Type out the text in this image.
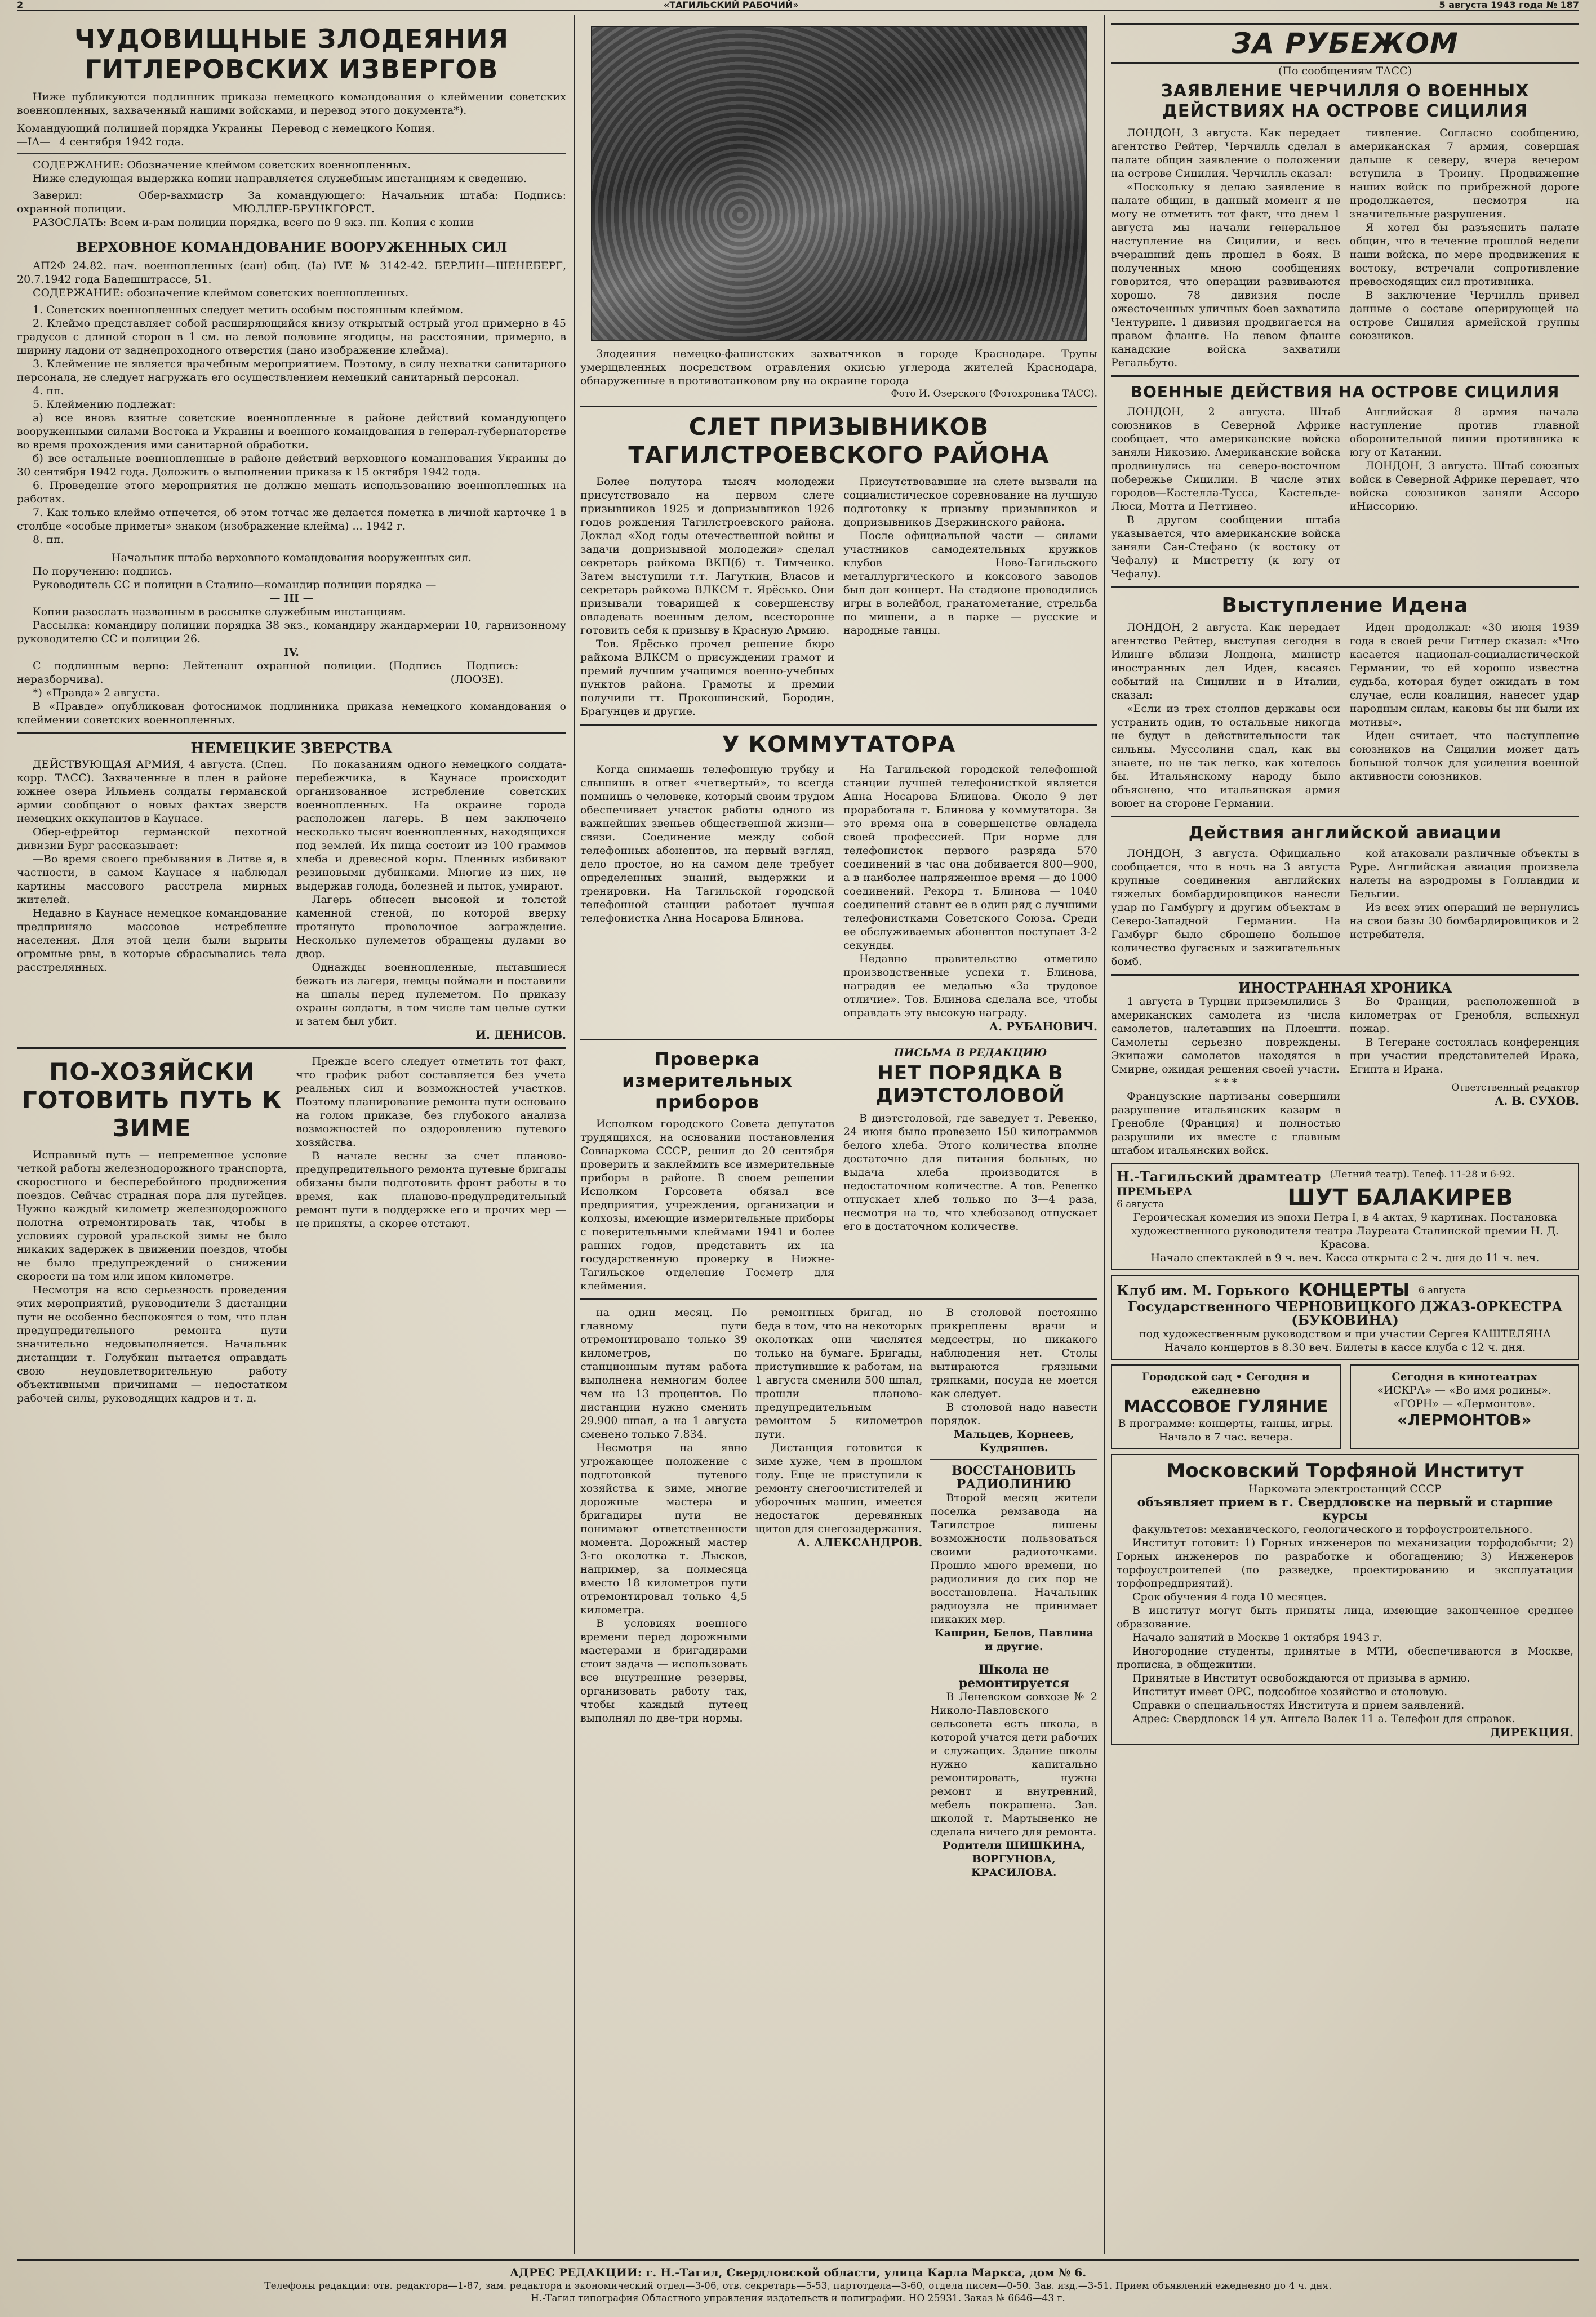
2	«ТАГИЛЬСКИЙ РАБОЧИЙ»	5 августа 1943 года № 187
ЧУДОВИЩНЫЕ ЗЛОДЕЯНИЯ ГИТЛЕРОВСКИХ ИЗВЕРГОВ

Ниже публикуются подлинник приказа немецкого командования о клеймении советских военнопленных, захваченный нашими войсками, и перевод этого документа*).

Командующий полицией порядка Украины Перевод с немецкого Копия.

—IA— 4 сентября 1942 года.

СОДЕРЖАНИЕ: Обозначение клеймом советских военнопленных.

Ниже следующая выдержка копии направляется служебным инстанциям к сведению.

Заверил: Обер-вахмистр охранной полиции.

За командующего: Начальник штаба: Подпись: МЮЛЛЕР-БРУНКГОРСТ.

РАЗОСЛАТЬ: Всем и-рам полиции порядка, всего по 9 экз. пп. Копия с копии

ВЕРХОВНОЕ КОМАНДОВАНИЕ ВООРУЖЕННЫХ СИЛ

АП2Ф 24.82. нач. военнопленных (сан) общ. (Ia) IVE № 3142-42. БЕРЛИН—ШЕНЕБЕРГ, 20.7.1942 года Бадешштрассе, 51.

СОДЕРЖАНИЕ: обозначение клеймом советских военнопленных.

1. Советских военнопленных следует метить особым постоянным клеймом.

2. Клеймо представляет собой расширяющийся книзу открытый острый угол примерно в 45 градусов с длиной сторон в 1 см. на левой половине ягодицы, на расстоянии, примерно, в ширину ладони от заднепроходного отверстия (дано изображение клейма).

3. Клеймение не является врачебным мероприятием. Поэтому, в силу нехватки санитарного персонала, не следует нагружать его осуществлением немецкий санитарный персонал.

4. пп.

5. Клеймению подлежат:

а) все вновь взятые советские военнопленные в районе действий командующего вооруженными силами Востока и Украины и военного командования в генерал-губернаторстве во время прохождения ими санитарной обработки.

б) все остальные военнопленные в районе действий верховного командования Украины до 30 сентября 1942 года. Доложить о выполнении приказа к 15 октября 1942 года.

6. Проведение этого мероприятия не должно мешать использованию военнопленных на работах.

7. Как только клеймо отпечется, об этом тотчас же делается пометка в личной карточке 1 в столбце «особые приметы» знаком (изображение клейма) ... 1942 г.

8. пп.

Начальник штаба верховного командования вооруженных сил.

По поручению: подпись.

Руководитель СС и полиции в Сталино—командир полиции порядка —

— III —

Копии разослать названным в рассылке служебным инстанциям.

Рассылка: командиру полиции порядка 38 экз., командиру жандармерии 10, гарнизонному руководителю СС и полиции 26.

IV.

С подлинным верно: Лейтенант охранной полиции. (Подпись неразборчива).

Подпись: (ЛООЗЕ).

*) «Правда» 2 августа.

В «Правде» опубликован фотоснимок подлинника приказа немецкого командования о клеймении советских военнопленных.

НЕМЕЦКИЕ ЗВЕРСТВА

ДЕЙСТВУЮЩАЯ АРМИЯ, 4 августа. (Спец. корр. ТАСС). Захваченные в плен в районе южнее озера Ильмень солдаты германской армии сообщают о новых фактах зверств немецких оккупантов в Каунасе.

Обер-ефрейтор германской пехотной дивизии Бург рассказывает:

—Во время своего пребывания в Литве я, в частности, в самом Каунасе я наблюдал картины массового расстрела мирных жителей.

Недавно в Каунасе немецкое командование предприняло массовое истребление населения. Для этой цели были вырыты огромные рвы, в которые сбрасывались тела расстрелянных.

По показаниям одного немецкого солдата-перебежчика, в Каунасе происходит организованное истребление советских военнопленных. На окраине города расположен лагерь. В нем заключено несколько тысяч военнопленных, находящихся под землей. Их пища состоит из 100 граммов хлеба и древесной коры. Пленных избивают резиновыми дубинками. Многие из них, не выдержав голода, болезней и пыток, умирают.

Лагерь обнесен высокой и толстой каменной стеной, по которой вверху протянуто проволочное заграждение. Несколько пулеметов обращены дулами во двор.

Однажды военнопленные, пытавшиеся бежать из лагеря, немцы поймали и поставили на шпалы перед пулеметом. По приказу охраны солдаты, в том числе там целые сутки и затем был убит.

И. ДЕНИСОВ.

ПО-ХОЗЯЙСКИ ГОТОВИТЬ ПУТЬ К ЗИМЕ

Исправный путь — непременное условие четкой работы железнодорожного транспорта, скоростного и бесперебойного продвижения поездов. Сейчас страдная пора для путейцев. Нужно каждый километр железнодорожного полотна отремонтировать так, чтобы в условиях суровой уральской зимы не было никаких задержек в движении поездов, чтобы не было предупреждений о снижении скорости на том или ином километре.

Несмотря на всю серьезность проведения этих мероприятий, руководители 3 дистанции пути не особенно беспокоятся о том, что план предупредительного ремонта пути значительно недовыполняется. Начальник дистанции т. Голубкин пытается оправдать свою неудовлетворительную работу объективными причинами — недостатком рабочей силы, руководящих кадров и т. д.

Прежде всего следует отметить тот факт, что график работ составляется без учета реальных сил и возможностей участков. Поэтому планирование ремонта пути основано на голом приказе, без глубокого анализа возможностей по оздоровлению путевого хозяйства.

В начале весны за счет планово-предупредительного ремонта путевые бригады обязаны были подготовить фронт работы в то время, как планово-предупредительный ремонт пути в поддержке его и прочих мер — не приняты, а скорее отстают.

Злодеяния немецко-фашистских захватчиков в городе Краснодаре. Трупы умерщвленных посредством отравления окисью углерода жителей Краснодара, обнаруженные в противотанковом рву на окраине города

Фото И. Озерского (Фотохроника ТАСС).

СЛЕТ ПРИЗЫВНИКОВ ТАГИЛСТРОЕВСКОГО РАЙОНА

Более полутора тысяч молодежи присутствовало на первом слете призывников 1925 и допризывников 1926 годов рождения Тагилстроевского района. Доклад «Ход годы отечественной войны и задачи допризывной молодежи» сделал секретарь райкома ВКП(б) т. Тимченко. Затем выступили т.т. Лагуткин, Власов и секретарь райкома ВЛКСМ т. Ярёсько. Они призывали товарищей к совершенству овладевать военным делом, всесторонне готовить себя к призыву в Красную Армию.

Тов. Ярёсько прочел решение бюро райкома ВЛКСМ о присуждении грамот и премий лучшим учащимся военно-учебных пунктов района. Грамоты и премии получили тт. Прокошинский, Бородин, Брагунцев и другие.

Присутствовавшие на слете вызвали на социалистическое соревнование на лучшую подготовку к призыву призывников и допризывников Дзержинского района.

После официальной части — силами участников самодеятельных кружков клубов Ново-Тагильского металлургического и коксового заводов был дан концерт. На стадионе проводились игры в волейбол, гранатометание, стрельба по мишени, а в парке — русские и народные танцы.

У КОММУТАТОРА

Когда снимаешь телефонную трубку и слышишь в ответ «четвертый», то всегда помнишь о человеке, который своим трудом обеспечивает участок работы одного из важнейших звеньев общественной жизни—связи. Соединение между собой телефонных абонентов, на первый взгляд, дело простое, но на самом деле требует определенных знаний, выдержки и тренировки. На Тагильской городской телефонной станции работает лучшая телефонистка Анна Носарова Блинова.

На Тагильской городской телефонной станции лучшей телефонисткой является Анна Носарова Блинова. Около 9 лет проработала т. Блинова у коммутатора. За это время она в совершенстве овладела своей профессией. При норме для телефонисток первого разряда 570 соединений в час она добивается 800—900, а в наиболее напряженное время — до 1000 соединений. Рекорд т. Блинова — 1040 соединений ставит ее в один ряд с лучшими телефонистками Советского Союза. Среди ее обслуживаемых абонентов поступает 3-2 секунды.

Недавно правительство отметило производственные успехи т. Блинова, наградив ее медалью «За трудовое отличие». Тов. Блинова сделала все, чтобы оправдать эту высокую награду.

А. РУБАНОВИЧ.

Проверка измерительных приборов

Исполком городского Совета депутатов трудящихся, на основании постановления Совнаркома СССР, решил до 20 сентября проверить и заклеймить все измерительные приборы в районе. В своем решении Исполком Горсовета обязал все предприятия, учреждения, организации и колхозы, имеющие измерительные приборы с поверительными клеймами 1941 и более ранних годов, представить их на государственную проверку в Нижне-Тагильское отделение Госметр для клеймения.

ПИСЬМА В РЕДАКЦИЮ

НЕТ ПОРЯДКА В ДИЭТСТОЛОВОЙ

В диэтстоловой, где заведует т. Ревенко, 24 июня было провезено 150 килограммов белого хлеба. Этого количества вполне достаточно для питания больных, но выдача хлеба производится в недостаточном количестве. А тов. Ревенко отпускает хлеб только по 3—4 раза, несмотря на то, что хлебозавод отпускает его в достаточном количестве.

на один месяц. По главному пути отремонтировано только 39 километров, по станционным путям работа выполнена немногим более чем на 13 процентов. По дистанции нужно сменить 29.900 шпал, а на 1 августа сменено только 7.834.

Несмотря на явно угрожающее положение с подготовкой путевого хозяйства к зиме, многие дорожные мастера и бригадиры пути не понимают ответственности момента. Дорожный мастер 3-го околотка т. Лысков, например, за полмесяца вместо 18 километров пути отремонтировал только 4,5 километра.

В условиях военного времени перед дорожными мастерами и бригадирами стоит задача — использовать все внутренние резервы, организовать работу так, чтобы каждый путеец выполнял по две-три нормы.

ремонтных бригад, но беда в том, что на некоторых околотках они числятся только на бумаге. Бригады, приступившие к работам, на 1 августа сменили 500 шпал, прошли планово-предупредительным ремонтом 5 километров пути.

Дистанция готовится к зиме хуже, чем в прошлом году. Еще не приступили к ремонту снегоочистителей и уборочных машин, имеется недостаток деревянных щитов для снегозадержания.

А. АЛЕКСАНДРОВ.

В столовой постоянно прикреплены врачи и медсестры, но никакого наблюдения нет. Столы вытираются грязными тряпками, посуда не моется как следует.

В столовой надо навести порядок.

Мальцев, Корнеев, Кудряшев.

ВОССТАНОВИТЬ РАДИОЛИНИЮ

Второй месяц жители поселка ремзавода на Тагилстрое лишены возможности пользоваться своими радиоточками. Прошло много времени, но радиолиния до сих пор не восстановлена. Начальник радиоузла не принимает никаких мер.

Кашрин, Белов, Павлина и другие.

Школа не ремонтируется

В Леневском совхозе № 2 Николо-Павловского сельсовета есть школа, в которой учатся дети рабочих и служащих. Здание школы нужно капитально ремонтировать, нужна ремонт и внутренний, мебель покрашена. Зав. школой т. Мартыненко не сделала ничего для ремонта.

Родители ШИШКИНА, ВОРГУНОВА, КРАСИЛОВА.

ЗА РУБЕЖОМ

(По сообщениям ТАСС)

ЗАЯВЛЕНИЕ ЧЕРЧИЛЛЯ О ВОЕННЫХ ДЕЙСТВИЯХ НА ОСТРОВЕ СИЦИЛИЯ

ЛОНДОН, 3 августа. Как передает агентство Рейтер, Черчилль сделал в палате общин заявление о положении на острове Сицилия. Черчилль сказал:

«Поскольку я делаю заявление в палате общин, в данный момент я не могу не отметить тот факт, что днем 1 августа мы начали генеральное наступление на Сицилии, и весь вчерашний день прошел в боях. В полученных мною сообщениях говорится, что операции развиваются хорошо. 78 дивизия после ожесточенных уличных боев захватила Чентурипе. 1 дивизия продвигается на правом фланге. На левом фланге канадские войска захватили Регальбуто.

тивление. Согласно сообщению, американская 7 армия, совершая дальше к северу, вчера вечером вступила в Троину. Продвижение наших войск по прибрежной дороге продолжается, несмотря на значительные разрушения.

Я хотел бы разъяснить палате общин, что в течение прошлой недели наши войска, по мере продвижения к востоку, встречали сопротивление превосходящих сил противника.

В заключение Черчилль привел данные о составе оперирующей на острове Сицилия армейской группы союзников.

ВОЕННЫЕ ДЕЙСТВИЯ НА ОСТРОВЕ СИЦИЛИЯ

ЛОНДОН, 2 августа. Штаб союзников в Северной Африке сообщает, что американские войска заняли Никозию. Американские войска продвинулись на северо-восточном побережье Сицилии. В числе этих городов—Кастелла-Тусса, Кастельде-Люси, Мотта и Петтинео.

В другом сообщении штаба указывается, что американские войска заняли Сан-Стефано (к востоку от Чефалу) и Мистретту (к югу от Чефалу).

Английская 8 армия начала наступление против главной оборонительной линии противника к югу от Катании.

ЛОНДОН, 3 августа. Штаб союзных войск в Северной Африке передает, что войска союзников заняли Ассоро иНиссорию.

Выступление Идена

ЛОНДОН, 2 августа. Как передает агентство Рейтер, выступая сегодня в Илинге вблизи Лондона, министр иностранных дел Иден, касаясь событий на Сицилии и в Италии, сказал:

«Если из трех столпов державы оси устранить один, то остальные никогда не будут в действительности так сильны. Муссолини сдал, как вы знаете, но не так легко, как хотелось бы. Итальянскому народу было объяснено, что итальянская армия воюет на стороне Германии.

Иден продолжал: «30 июня 1939 года в своей речи Гитлер сказал: «Что касается национал-социалистической Германии, то ей хорошо известна судьба, которая будет ожидать в том случае, если коалиция, нанесет удар народным силам, каковы бы ни были их мотивы».

Иден считает, что наступление союзников на Сицилии может дать большой толчок для усиления военной активности союзников.

Действия английской авиации

ЛОНДОН, 3 августа. Официально сообщается, что в ночь на 3 августа крупные соединения английских тяжелых бомбардировщиков нанесли удар по Гамбургу и другим объектам в Северо-Западной Германии. На Гамбург было сброшено большое количество фугасных и зажигательных бомб.

кой атаковали различные объекты в Руре. Английская авиация произвела налеты на аэродромы в Голландии и Бельгии.

Из всех этих операций не вернулись на свои базы 30 бомбардировщиков и 2 истребителя.

ИНОСТРАННАЯ ХРОНИКА

1 августа в Турции приземлились 3 американских самолета из числа самолетов, налетавших на Плоешти. Самолеты серьезно повреждены. Экипажи самолетов находятся в Смирне, ожидая решения своей участи.

* * *

Французские партизаны совершили разрушение итальянских казарм в Гренобле (Франция) и полностью разрушили их вместе с главным штабом итальянских войск.

Во Франции, расположенной в километрах от Гренобля, вспыхнул пожар.

В Тегеране состоялась конференция при участии представителей Ирака, Египта и Ирана.

Ответственный редактор

А. В. СУХОВ.

Н.-Тагильский драмтеатр (Летний театр). Телеф. 11-28 и 6-92.

ПРЕМЬЕРА

6 августа	ШУТ БАЛАКИРЕВ

Героическая комедия из эпохи Петра I, в 4 актах, 9 картинах. Постановка художественного руководителя театра Лауреата Сталинской премии Н. Д. Красова.

Начало спектаклей в 9 ч. веч. Касса открыта с 2 ч. дня до 11 ч. веч.

Клуб им. М. Горького КОНЦЕРТЫ 6 августа

Государственного ЧЕРНОВИЦКОГО ДЖАЗ-ОРКЕСТРА (БУКОВИНА)

под художественным руководством и при участии Сергея КАШТЕЛЯНА

Начало концертов в 8.30 веч. Билеты в кассе клуба с 12 ч. дня.

Городской сад • Сегодня и ежедневно

МАССОВОЕ ГУЛЯНИЕ

В программе: концерты, танцы, игры.

Начало в 7 час. вечера.

Сегодня в кинотеатрах

«ИСКРА» — «Во имя родины». «ГОРН» — «Лермонтов».

«ЛЕРМОНТОВ»

Московский Торфяной Институт

Наркомата электростанций СССР

объявляет прием в г. Свердловске на первый и старшие курсы

факультетов: механического, геологического и торфоустроительного.

Институт готовит: 1) Горных инженеров по механизации торфодобычи; 2) Горных инженеров по разработке и обогащению; 3) Инженеров торфоустроителей (по разведке, проектированию и эксплуатации торфопредприятий).

Срок обучения 4 года 10 месяцев.

В институт могут быть приняты лица, имеющие законченное среднее образование.

Начало занятий в Москве 1 октября 1943 г.

Иногородние студенты, принятые в МТИ, обеспечиваются в Москве, прописка, в общежитии.

Принятые в Институт освобождаются от призыва в армию.

Институт имеет ОРС, подсобное хозяйство и столовую.

Справки о специальностях Института и прием заявлений.

Адрес: Свердловск 14 ул. Ангела Валек 11 а. Телефон для справок.

ДИРЕКЦИЯ.

АДРЕС РЕДАКЦИИ: г. Н.-Тагил, Свердловской области, улица Карла Маркса, дом № 6.

Телефоны редакции: отв. редактора—1-87, зам. редактора и экономический отдел—3-06, отв. секретарь—5-53, партотдела—3-60, отдела писем—0-50. Зав. изд.—3-51. Прием объявлений ежедневно до 4 ч. дня.

Н.-Тагил типография Областного управления издательств и полиграфии. НО 25931. Заказ № 6646—43 г.
